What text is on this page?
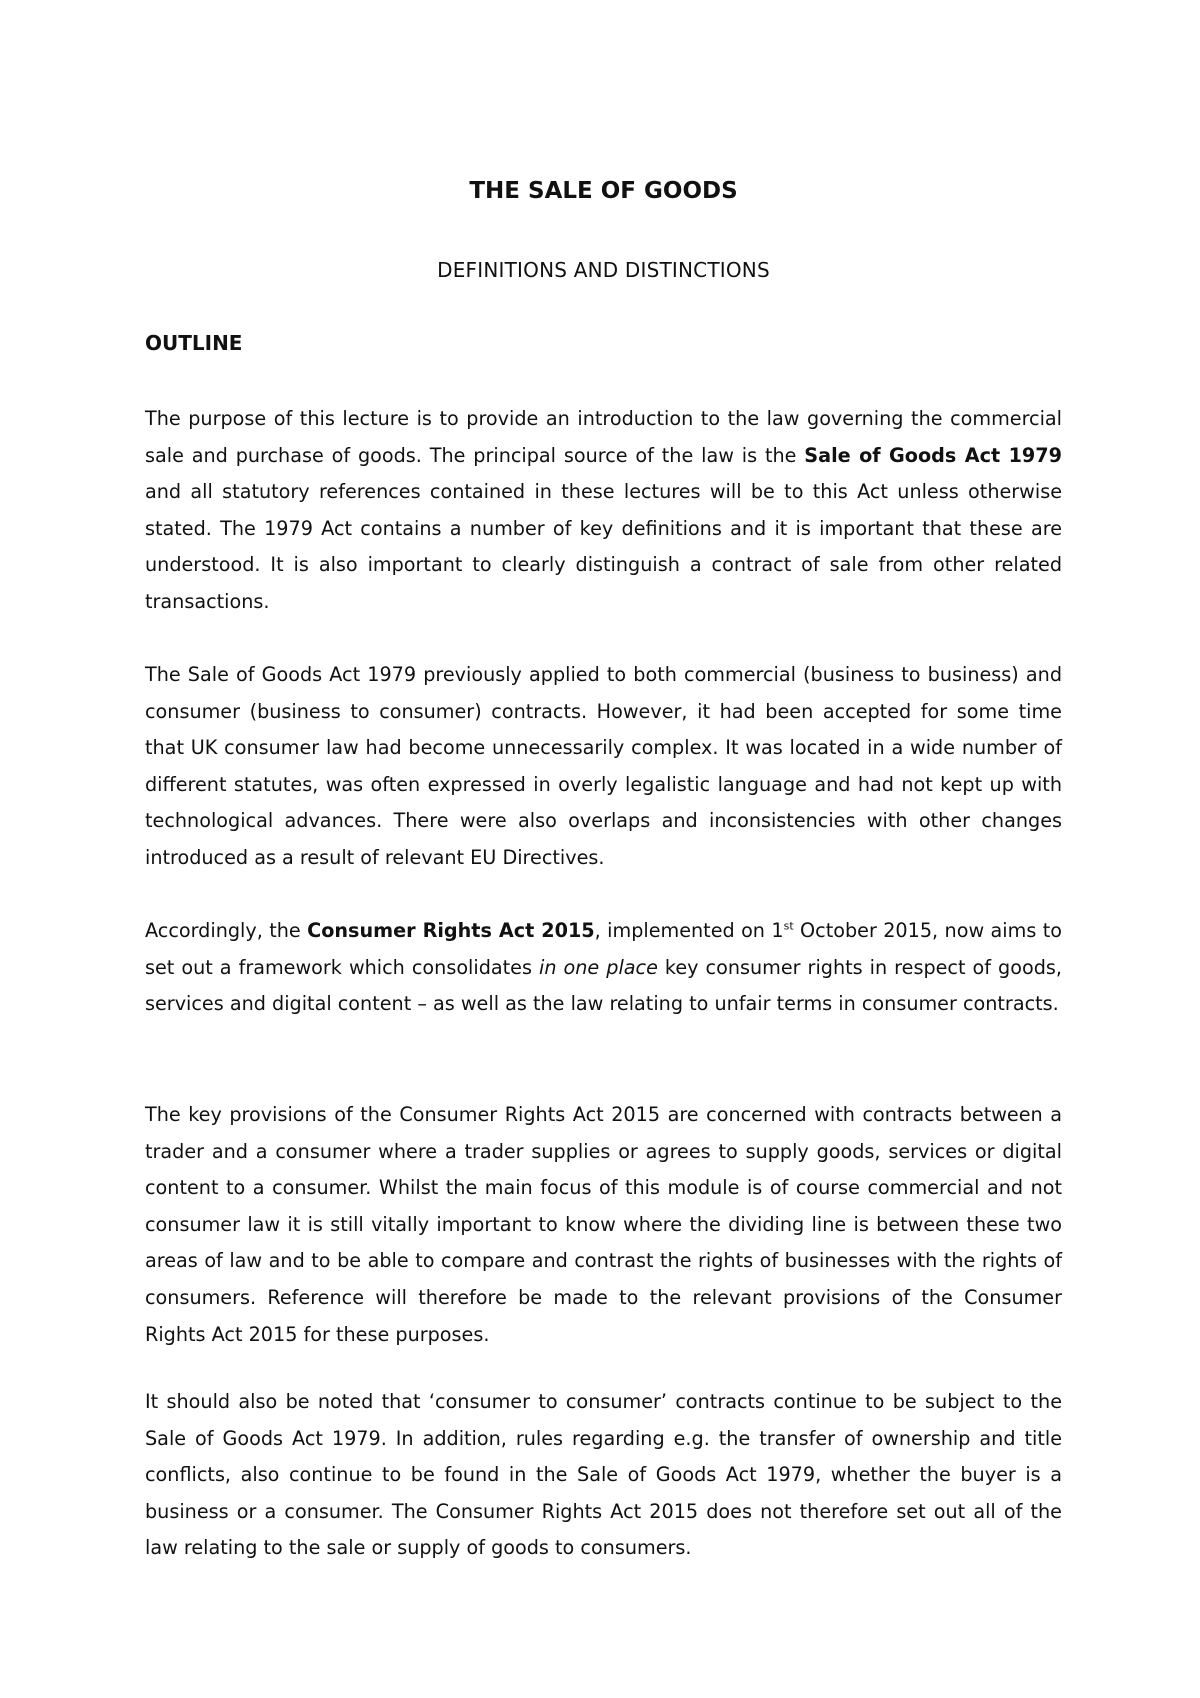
THE SALE OF GOODS
DEFINITIONS AND DISTINCTIONS
OUTLINE

The purpose of this lecture is to provide an introduction to the law governing the commercial sale and purchase of goods. The principal source of the law is the Sale of Goods Act 1979 and all statutory references contained in these lectures will be to this Act unless otherwise stated. The 1979 Act contains a number of key definitions and it is important that these are understood. It is also important to clearly distinguish a contract of sale from other related transactions.

The Sale of Goods Act 1979 previously applied to both commercial (business to business) and consumer (business to consumer) contracts. However, it had been accepted for some time that UK consumer law had become unnecessarily complex. It was located in a wide number of different statutes, was often expressed in overly legalistic language and had not kept up with technological advances. There were also overlaps and inconsistencies with other changes introduced as a result of relevant EU Directives.

Accordingly, the Consumer Rights Act 2015, implemented on 1st October 2015, now aims to set out a framework which consolidates in one place key consumer rights in respect of goods, services and digital content – as well as the law relating to unfair terms in consumer contracts.

The key provisions of the Consumer Rights Act 2015 are concerned with contracts between a trader and a consumer where a trader supplies or agrees to supply goods, services or digital content to a consumer. Whilst the main focus of this module is of course commercial and not consumer law it is still vitally important to know where the dividing line is between these two areas of law and to be able to compare and contrast the rights of businesses with the rights of consumers. Reference will therefore be made to the relevant provisions of the Consumer Rights Act 2015 for these purposes.

It should also be noted that ‘consumer to consumer’ contracts continue to be subject to the Sale of Goods Act 1979. In addition, rules regarding e.g. the transfer of ownership and title conflicts, also continue to be found in the Sale of Goods Act 1979, whether the buyer is a business or a consumer. The Consumer Rights Act 2015 does not therefore set out all of the law relating to the sale or supply of goods to consumers.
